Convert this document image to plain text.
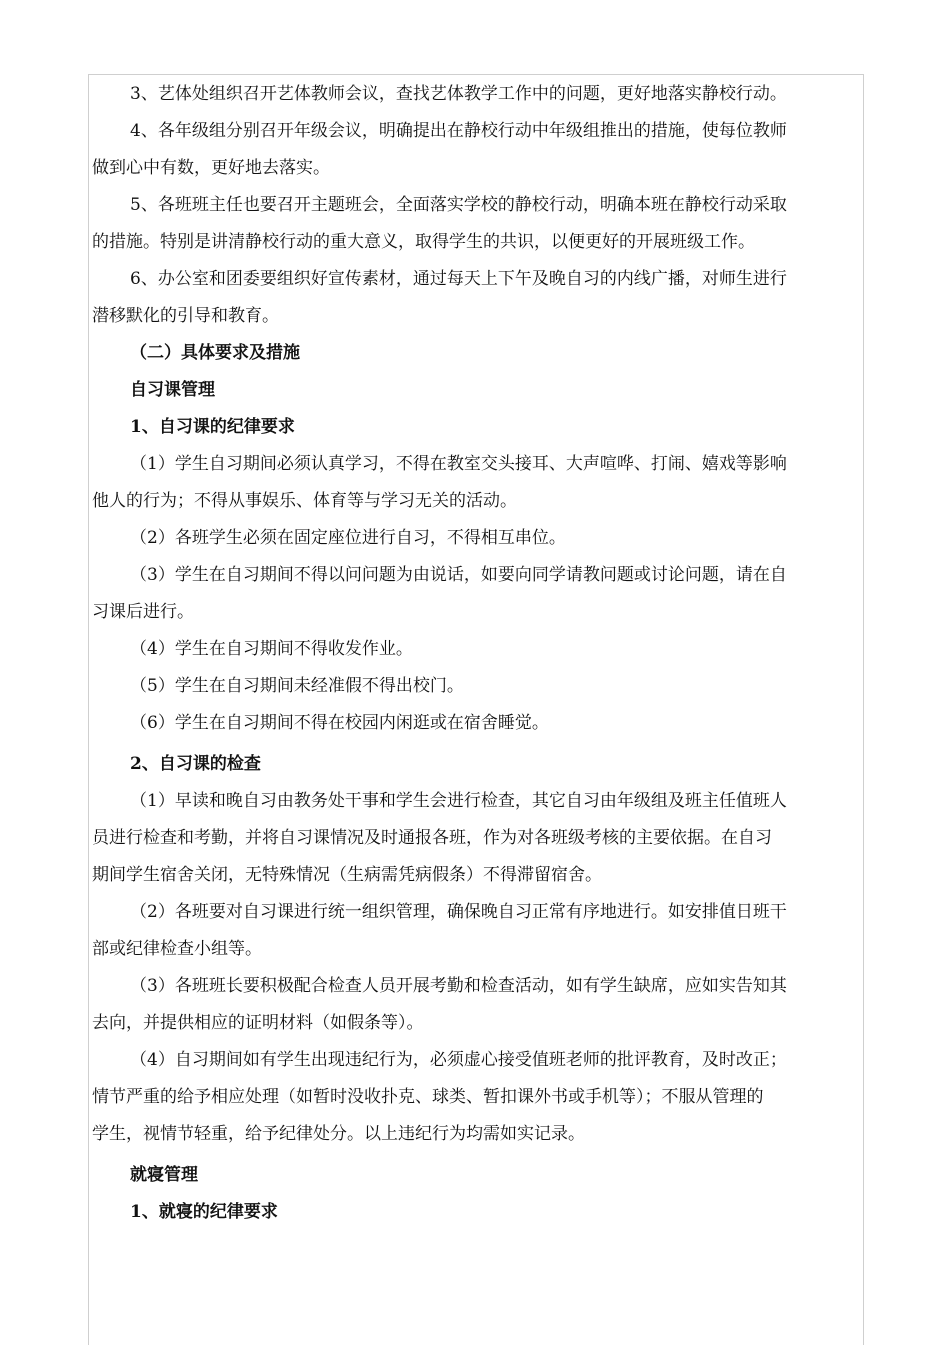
3、艺体处组织召开艺体教师会议，查找艺体教学工作中的问题，更好地落实静校行动。
4、各年级组分别召开年级会议，明确提出在静校行动中年级组推出的措施，使每位教师
做到心中有数，更好地去落实。
5、各班班主任也要召开主题班会，全面落实学校的静校行动，明确本班在静校行动采取
的措施。特别是讲清静校行动的重大意义，取得学生的共识，以便更好的开展班级工作。
6、办公室和团委要组织好宣传素材，通过每天上下午及晚自习的内线广播，对师生进行
潜移默化的引导和教育。
（二）具体要求及措施
自习课管理
1、自习课的纪律要求
（1）学生自习期间必须认真学习，不得在教室交头接耳、大声喧哗、打闹、嬉戏等影响
他人的行为；不得从事娱乐、体育等与学习无关的活动。
（2）各班学生必须在固定座位进行自习，不得相互串位。
（3）学生在自习期间不得以问问题为由说话，如要向同学请教问题或讨论问题，请在自
习课后进行。
（4）学生在自习期间不得收发作业。
（5）学生在自习期间未经准假不得出校门。
（6）学生在自习期间不得在校园内闲逛或在宿舍睡觉。
2、自习课的检查
（1）早读和晚自习由教务处干事和学生会进行检查，其它自习由年级组及班主任值班人
员进行检查和考勤，并将自习课情况及时通报各班，作为对各班级考核的主要依据。在自习
期间学生宿舍关闭，无特殊情况（生病需凭病假条）不得滞留宿舍。
（2）各班要对自习课进行统一组织管理，确保晚自习正常有序地进行。如安排值日班干
部或纪律检查小组等。
（3）各班班长要积极配合检查人员开展考勤和检查活动，如有学生缺席，应如实告知其
去向，并提供相应的证明材料（如假条等）。
（4）自习期间如有学生出现违纪行为，必须虚心接受值班老师的批评教育，及时改正；
情节严重的给予相应处理（如暂时没收扑克、球类、暂扣课外书或手机等）；不服从管理的
学生，视情节轻重，给予纪律处分。以上违纪行为均需如实记录。
就寝管理
1、就寝的纪律要求
